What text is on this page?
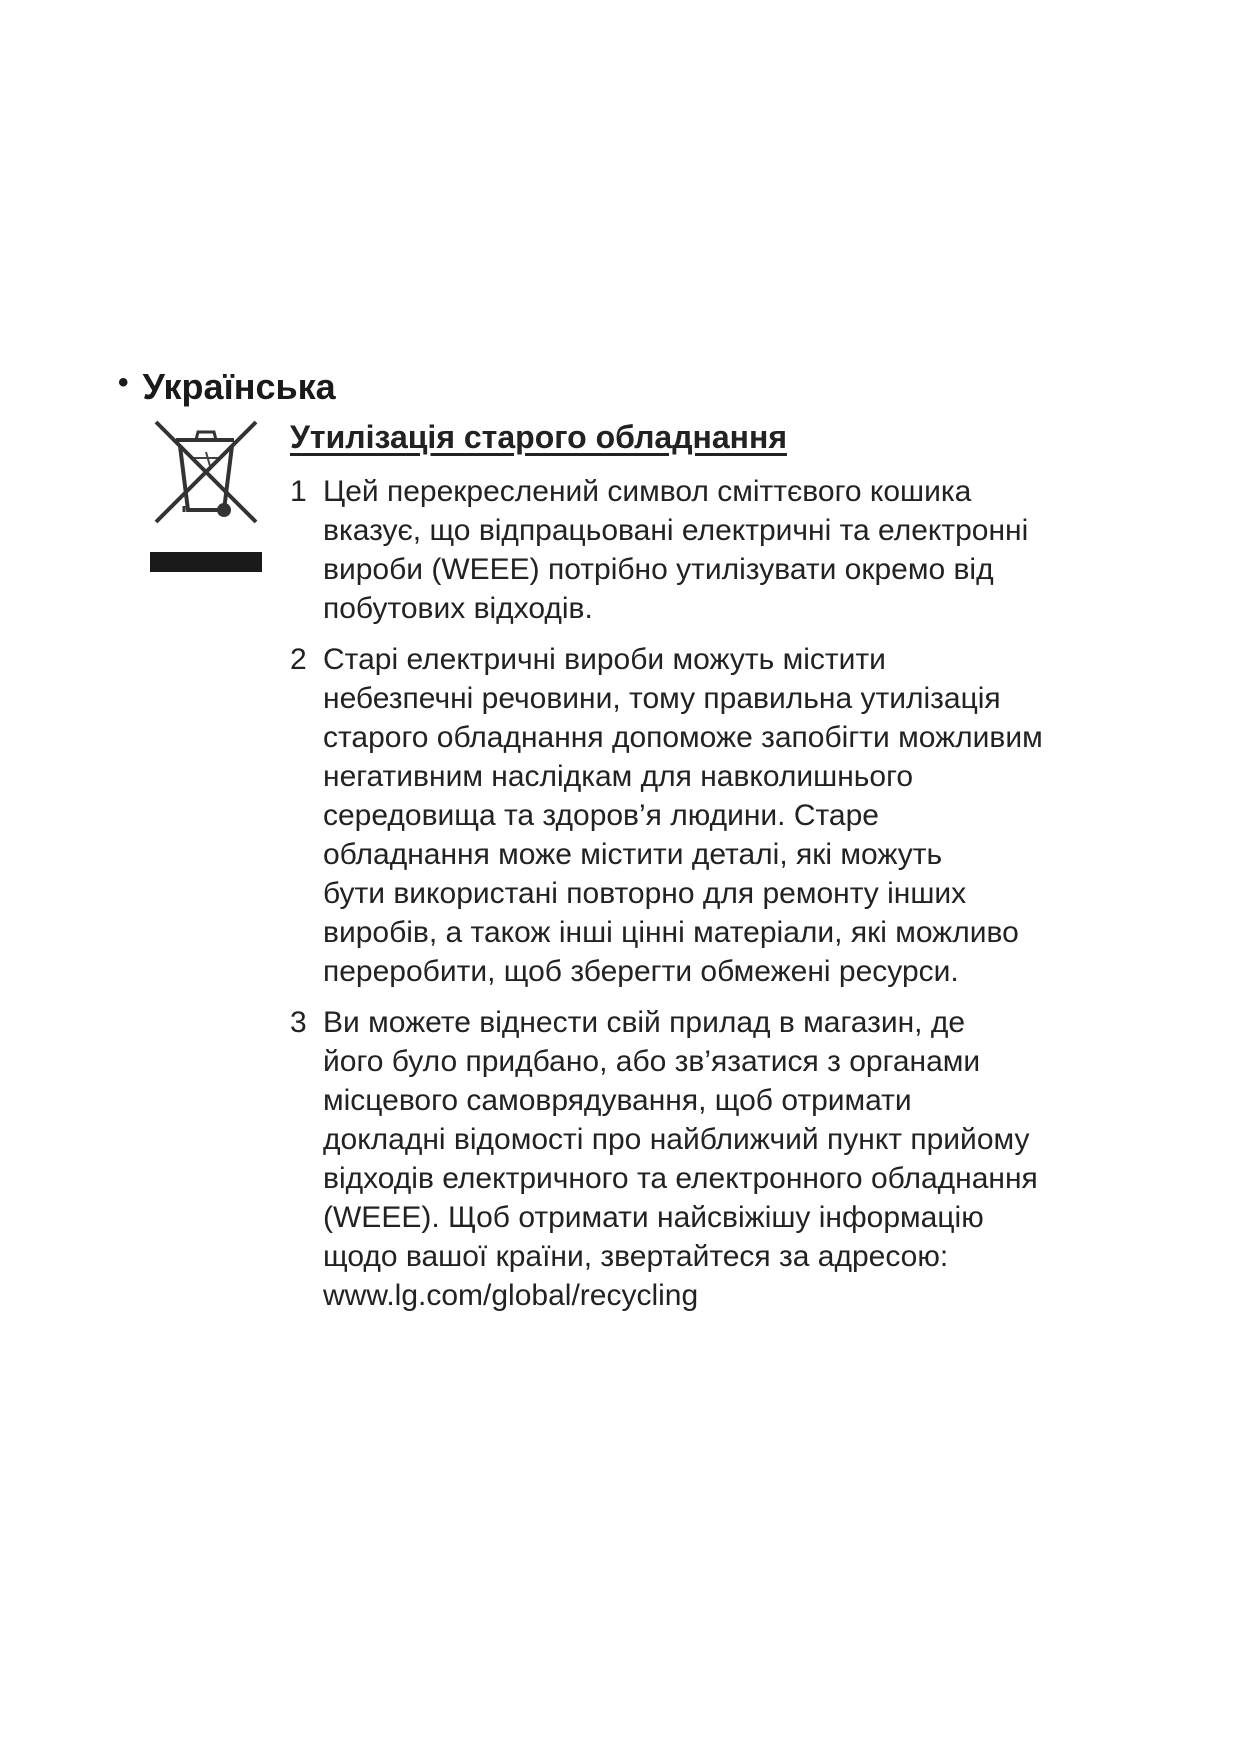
• Українська
Утилізація старого обладнання
1 Цей перекреслений символ сміттєвого кошика
вказує, що відпрацьовані електричні та електронні
вироби (WEEE) потрібно утилізувати окремо від
побутових відходів.
2 Старі електричні вироби можуть містити
небезпечні речовини, тому правильна утилізація
старого обладнання допоможе запобігти можливим
негативним наслідкам для навколишнього
середовища та здоров’я людини. Старе
обладнання може містити деталі, які можуть
бути використані повторно для ремонту інших
виробів, а також інші цінні матеріали, які можливо
переробити, щоб зберегти обмежені ресурси.
3 Ви можете віднести свій прилад в магазин, де
його було придбано, або зв’язатися з органами
місцевого самоврядування, щоб отримати
докладні відомості про найближчий пункт прийому
відходів електричного та електронного обладнання
(WEEE). Щоб отримати найсвіжішу інформацію
щодо вашої країни, звертайтеся за адресою:
www.lg.com/global/recycling
